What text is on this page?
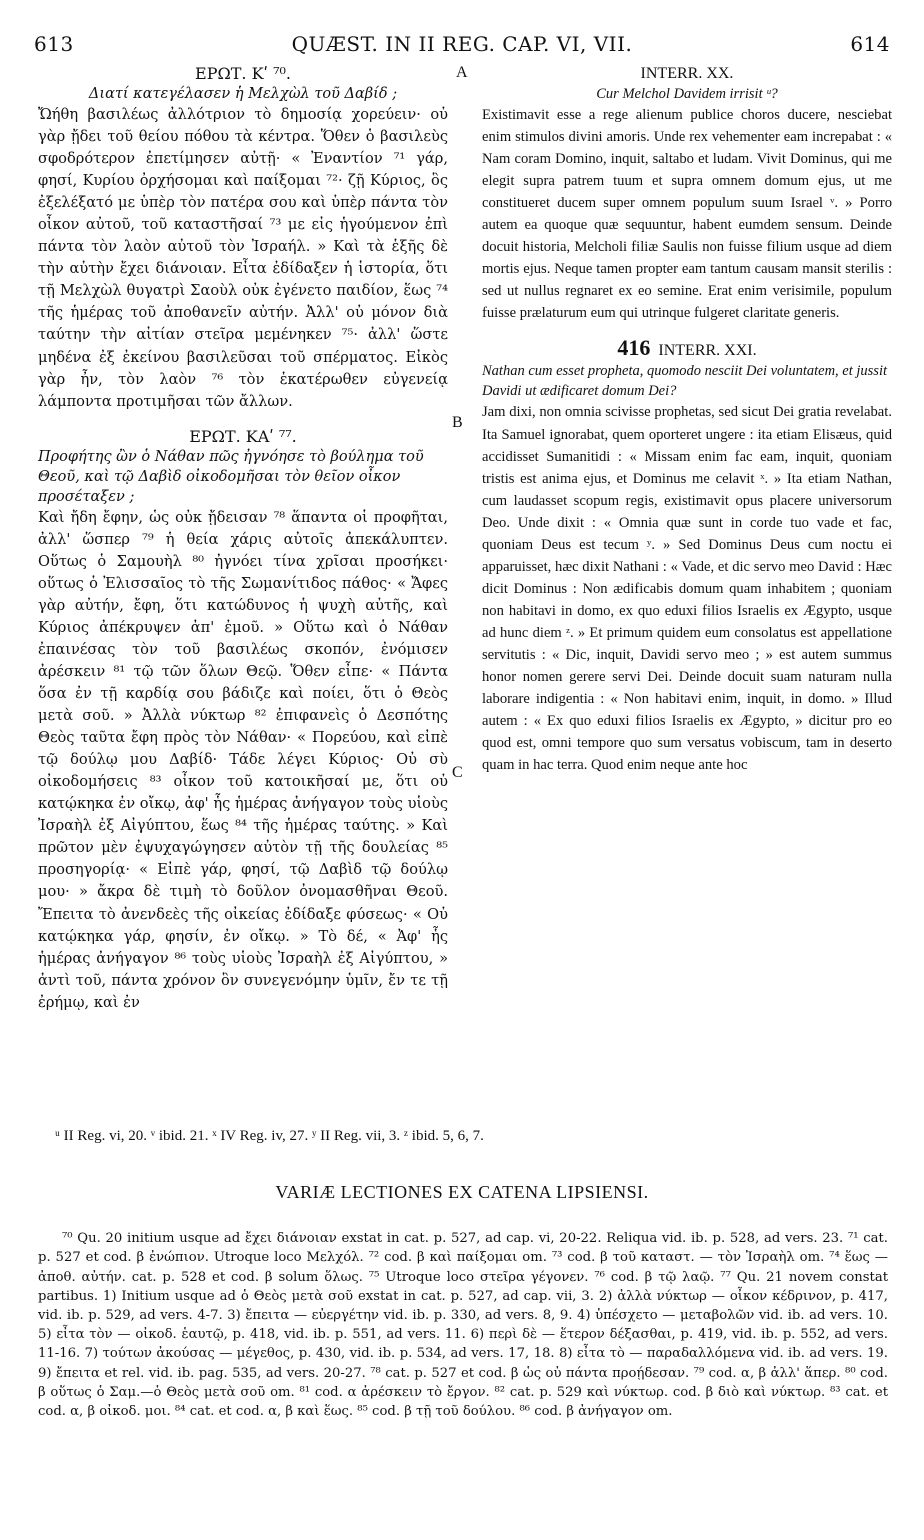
613	QUÆST. IN II REG. CAP. VI, VII.	614
A
B
C

ΕΡΩΤ. Κʹ ⁷⁰.

Διατί κατεγέλασεν ἡ Μελχὼλ τοῦ Δαβίδ ;

Ὤήθη βασιλέως ἀλλότριον τὸ δημοσίᾳ χορεύειν· οὐ γὰρ ᾔδει τοῦ θείου πόθου τὰ κέντρα. Ὅθεν ὁ βασιλεὺς σφοδρότερον ἐπετίμησεν αὐτῇ· « Ἐναντίον ⁷¹ γάρ, φησί, Κυρίου ὀρχήσομαι καὶ παίξομαι ⁷²· ζῇ Κύριος, ὃς ἐξελέξατό με ὑπὲρ τὸν πατέρα σου καὶ ὑπὲρ πάντα τὸν οἶκον αὐτοῦ, τοῦ καταστῆσαί ⁷³ με εἰς ἡγούμενον ἐπὶ πάντα τὸν λαὸν αὐτοῦ τὸν Ἰσραήλ. » Καὶ τὰ ἑξῆς δὲ τὴν αὐτὴν ἔχει διάνοιαν. Εἶτα ἐδίδαξεν ἡ ἱστορία, ὅτι τῇ Μελχὼλ θυγατρὶ Σαοὺλ οὐκ ἐγένετο παιδίον, ἕως ⁷⁴ τῆς ἡμέρας τοῦ ἀποθανεῖν αὐτήν. Ἀλλ' οὐ μόνον διὰ ταύτην τὴν αἰτίαν στεῖρα μεμένηκεν ⁷⁵· ἀλλ' ὥστε μηδένα ἐξ ἐκείνου βασιλεῦσαι τοῦ σπέρματος. Εἰκὸς γὰρ ἦν, τὸν λαὸν ⁷⁶ τὸν ἑκατέρωθεν εὐγενείᾳ λάμποντα προτιμῆσαι τῶν ἄλλων.

ΕΡΩΤ. ΚΑʹ ⁷⁷.

Προφήτης ὢν ὁ Νάθαν πῶς ἠγνόησε τὸ βούλημα τοῦ Θεοῦ, καὶ τῷ Δαβὶδ οἰκοδομῆσαι τὸν θεῖον οἶκον προσέταξεν ;

Καὶ ἤδη ἔφην, ὡς οὐκ ᾔδεισαν ⁷⁸ ἅπαντα οἱ προφῆται, ἀλλ' ὥσπερ ⁷⁹ ἡ θεία χάρις αὐτοῖς ἀπεκάλυπτεν. Οὕτως ὁ Σαμουὴλ ⁸⁰ ἠγνόει τίνα χρῖσαι προσήκει· οὕτως ὁ Ἐλισσαῖος τὸ τῆς Σωμανίτιδος πάθος· « Ἄφες γὰρ αὐτήν, ἔφη, ὅτι κατώδυνος ἡ ψυχὴ αὐτῆς, καὶ Κύριος ἀπέκρυψεν ἀπ' ἐμοῦ. » Οὕτω καὶ ὁ Νάθαν ἐπαινέσας τὸν τοῦ βασιλέως σκοπόν, ἐνόμισεν ἀρέσκειν ⁸¹ τῷ τῶν ὅλων Θεῷ. Ὅθεν εἶπε· « Πάντα ὅσα ἐν τῇ καρδίᾳ σου βάδιζε καὶ ποίει, ὅτι ὁ Θεὸς μετὰ σοῦ. » Ἀλλὰ νύκτωρ ⁸² ἐπιφανεὶς ὁ Δεσπότης Θεὸς ταῦτα ἔφη πρὸς τὸν Νάθαν· « Πορεύου, καὶ εἰπὲ τῷ δούλῳ μου Δαβίδ· Τάδε λέγει Κύριος· Οὐ σὺ οἰκοδομήσεις ⁸³ οἶκον τοῦ κατοικῆσαί με, ὅτι οὐ κατῴκηκα ἐν οἴκῳ, ἀφ' ἧς ἡμέρας ἀνήγαγον τοὺς υἱοὺς Ἰσραὴλ ἐξ Αἰγύπτου, ἕως ⁸⁴ τῆς ἡμέρας ταύτης. » Καὶ πρῶτον μὲν ἐψυχαγώγησεν αὐτὸν τῇ τῆς δουλείας ⁸⁵ προσηγορίᾳ· « Εἰπὲ γάρ, φησί, τῷ Δαβὶδ τῷ δούλῳ μου· » ἄκρα δὲ τιμὴ τὸ δοῦλον ὀνομασθῆναι Θεοῦ. Ἔπειτα τὸ ἀνενδεὲς τῆς οἰκείας ἐδίδαξε φύσεως· « Οὐ κατῴκηκα γάρ, φησίν, ἐν οἴκῳ. » Τὸ δέ, « Ἀφ' ἧς ἡμέρας ἀνήγαγον ⁸⁶ τοὺς υἱοὺς Ἰσραὴλ ἐξ Αἰγύπτου, » ἀντὶ τοῦ, πάντα χρόνον ὃν συνεγενόμην ὑμῖν, ἔν τε τῇ ἐρήμῳ, καὶ ἐν

INTERR. XX.

Cur Melchol Davidem irrisit ᵘ?

Existimavit esse a rege alienum publice choros ducere, nesciebat enim stimulos divini amoris. Unde rex vehementer eam increpabat : « Nam coram Domino, inquit, saltabo et ludam. Vivit Dominus, qui me elegit supra patrem tuum et supra omnem domum ejus, ut me constitueret ducem super omnem populum suum Israel ᵛ. » Porro autem ea quoque quæ sequuntur, habent eumdem sensum. Deinde docuit historia, Melcholi filiæ Saulis non fuisse filium usque ad diem mortis ejus. Neque tamen propter eam tantum causam mansit sterilis : sed ut nullus regnaret ex eo semine. Erat enim verisimile, populum fuisse prælaturum eum qui utrinque fulgeret claritate generis.

416 INTERR. XXI.

Nathan cum esset propheta, quomodo nesciit Dei voluntatem, et jussit Davidi ut ædificaret domum Dei?

Jam dixi, non omnia scivisse prophetas, sed sicut Dei gratia revelabat. Ita Samuel ignorabat, quem oporteret ungere : ita etiam Elisæus, quid accidisset Sumanitidi : « Missam enim fac eam, inquit, quoniam tristis est anima ejus, et Dominus me celavit ˣ. » Ita etiam Nathan, cum laudasset scopum regis, existimavit opus placere universorum Deo. Unde dixit : « Omnia quæ sunt in corde tuo vade et fac, quoniam Deus est tecum ʸ. » Sed Dominus Deus cum noctu ei apparuisset, hæc dixit Nathani : « Vade, et dic servo meo David : Hæc dicit Dominus : Non ædificabis domum quam inhabitem ; quoniam non habitavi in domo, ex quo eduxi filios Israelis ex Ægypto, usque ad hunc diem ᶻ. » Et primum quidem eum consolatus est appellatione servitutis : « Dic, inquit, Davidi servo meo ; » est autem summus honor nomen gerere servi Dei. Deinde docuit suam naturam nulla laborare indigentia : « Non habitavi enim, inquit, in domo. » Illud autem : « Ex quo eduxi filios Israelis ex Ægypto, » dicitur pro eo quod est, omni tempore quo sum versatus vobiscum, tam in deserto quam in hac terra. Quod enim neque ante hoc

ᵘ II Reg. vi, 20. ᵛ ibid. 21. ˣ IV Reg. iv, 27. ʸ II Reg. vii, 3. ᶻ ibid. 5, 6, 7.
VARIÆ LECTIONES EX CATENA LIPSIENSI.

⁷⁰ Qu. 20 initium usque ad ἔχει διάνοιαν exstat in cat. p. 527, ad cap. vi, 20-22. Reliqua vid. ib. p. 528, ad vers. 23. ⁷¹ cat. p. 527 et cod. β ἐνώπιον. Utroque loco Μελχόλ. ⁷² cod. β καὶ παίξομαι om. ⁷³ cod. β τοῦ καταστ. — τὸν Ἰσραὴλ om. ⁷⁴ ἕως — ἀποθ. αὐτήν. cat. p. 528 et cod. β solum ὅλως. ⁷⁵ Utroque loco στεῖρα γέγονεν. ⁷⁶ cod. β τῷ λαῷ. ⁷⁷ Qu. 21 novem constat partibus. 1) Initium usque ad ὁ Θεὸς μετὰ σοῦ exstat in cat. p. 527, ad cap. vii, 3. 2) ἀλλὰ νύκτωρ — οἶκον κέδρινον, p. 417, vid. ib. p. 529, ad vers. 4-7. 3) ἔπειτα — εὐεργέτην vid. ib. p. 330, ad vers. 8, 9. 4) ὑπέσχετο — μεταβολῶν vid. ib. ad vers. 10. 5) εἶτα τὸν — οἰκοδ. ἑαυτῷ, p. 418, vid. ib. p. 551, ad vers. 11. 6) περὶ δὲ — ἕτερον δέξασθαι, p. 419, vid. ib. p. 552, ad vers. 11-16. 7) τούτων ἀκούσας — μέγεθος, p. 430, vid. ib. p. 534, ad vers. 17, 18. 8) εἶτα τὸ — παραδαλλόμενα vid. ib. ad vers. 19. 9) ἔπειτα et rel. vid. ib. pag. 535, ad vers. 20-27. ⁷⁸ cat. p. 527 et cod. β ὡς οὐ πάντα προῄδεσαν. ⁷⁹ cod. α, β ἀλλ' ἅπερ. ⁸⁰ cod. β οὕτως ὁ Σαμ.—ὁ Θεὸς μετὰ σοῦ om. ⁸¹ cod. α ἀρέσκειν τὸ ἔργον. ⁸² cat. p. 529 καὶ νύκτωρ. cod. β διὸ καὶ νύκτωρ. ⁸³ cat. et cod. α, β οἰκοδ. μοι. ⁸⁴ cat. et cod. α, β καὶ ἕως. ⁸⁵ cod. β τῇ τοῦ δούλου. ⁸⁶ cod. β ἀνήγαγον om.
